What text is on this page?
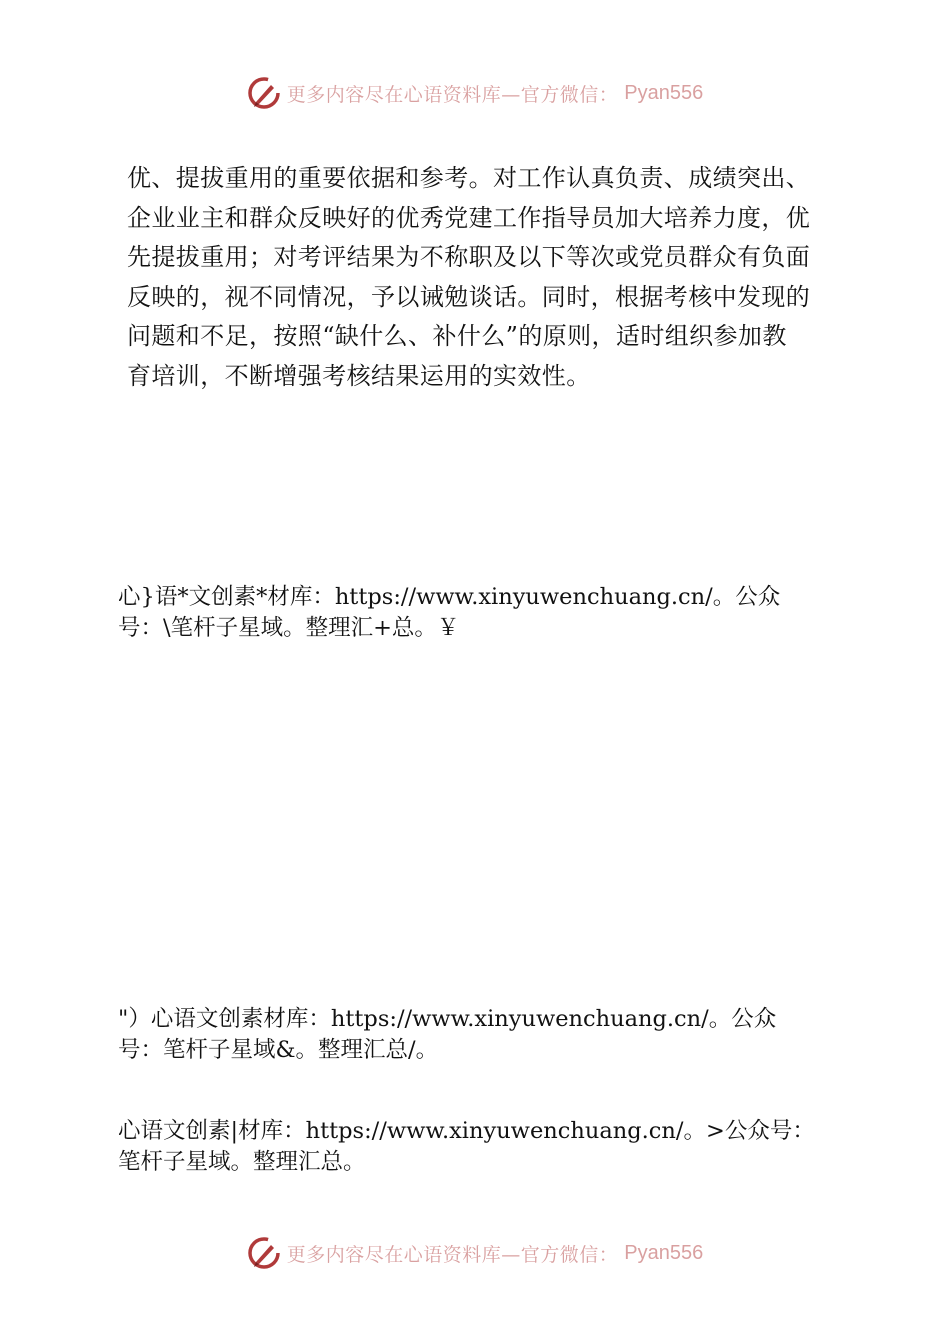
更多内容尽在心语资料库—官方微信： Pyan556
优、提拔重用的重要依据和参考。对工作认真负责、成绩突出、
企业业主和群众反映好的优秀党建工作指导员加大培养力度，优
先提拔重用；对考评结果为不称职及以下等次或党员群众有负面
反映的，视不同情况，予以诫勉谈话。同时，根据考核中发现的
问题和不足，按照“缺什么、补什么”的原则，适时组织参加教
育培训，不断增强考核结果运用的实效性。
心}语*文创素*材库：https://www.xinyuwenchuang.cn/。公众
号：\笔杆子星域。整理汇+总。￥
"）心语文创素材库：https://www.xinyuwenchuang.cn/。公众
号：笔杆子星域&。整理汇总/。
心语文创素|材库：https://www.xinyuwenchuang.cn/。>公众号：
笔杆子星域。整理汇总。
更多内容尽在心语资料库—官方微信： Pyan556
